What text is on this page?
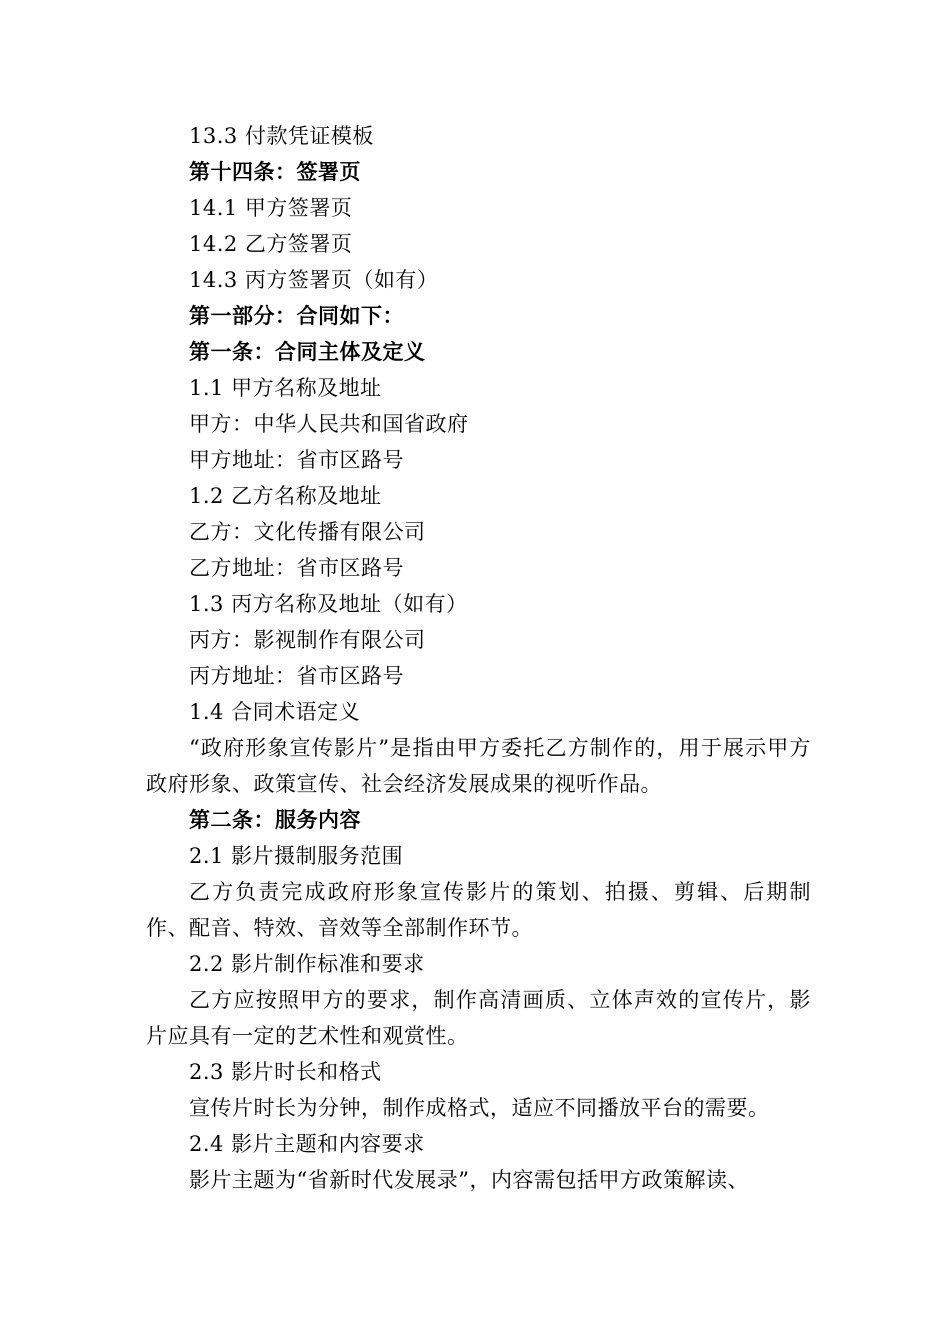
13.3 付款凭证模板
第十四条：签署页
14.1 甲方签署页
14.2 乙方签署页
14.3 丙方签署页（如有）
第一部分：合同如下：
第一条：合同主体及定义
1.1 甲方名称及地址
甲方：中华人民共和国省政府
甲方地址：省市区路号
1.2 乙方名称及地址
乙方：文化传播有限公司
乙方地址：省市区路号
1.3 丙方名称及地址（如有）
丙方：影视制作有限公司
丙方地址：省市区路号
1.4 合同术语定义
“政府形象宣传影片”是指由甲方委托乙方制作的，用于展示甲方政府形象、政策宣传、社会经济发展成果的视听作品。
第二条：服务内容
2.1 影片摄制服务范围
乙方负责完成政府形象宣传影片的策划、拍摄、剪辑、后期制作、配音、特效、音效等全部制作环节。
2.2 影片制作标准和要求
乙方应按照甲方的要求，制作高清画质、立体声效的宣传片，影片应具有一定的艺术性和观赏性。
2.3 影片时长和格式
宣传片时长为分钟，制作成格式，适应不同播放平台的需要。
2.4 影片主题和内容要求
影片主题为“省新时代发展录”，内容需包括甲方政策解读、
